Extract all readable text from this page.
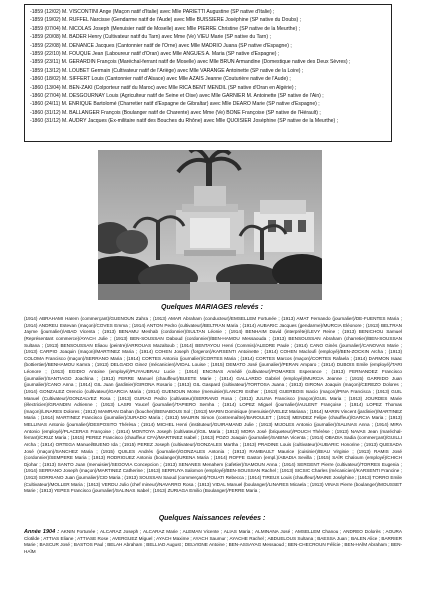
-1859 (12/02) M. VISCONTINI Ange (Maçon natif d'Italie) avec Mlle PARIETTI Augustine (SP native d'Italie) ;
-1859 (19/02) M. RUFFEL Narcisse (Gendarme natif de l'Aude) avec Mlle BUISSIERE Joséphine (SP native du Doubs) ;
-1859 (07/04) M. NICOLAS Joseph (Menuisier natif de Moselle) avec Mlle PIERRE Christine (SP native de la Meurthe) ;
-1859 (20/08) M. BADER Henry (Cultivateur natif du Tarn) avec Mme (Ve) VIEU Marie (SP native du Tarn) ;
-1859 (22/08) M. DENANCE Jacques (Cantonnier natif de l'Orne) avec Mlle MADRIO Juana (SP native d'Espagne) ;
-1859 (22/10) M. FOUQUE Jean (Laboureur natif d'Oran) avec Mlle ANGUES A. Maria (SP native d'Espagne) ;
-1859 (23/11) M. GERARDIN François (Maréchal-ferrant natif de Moselle) avec Mlle BRUN Armandine (Domestique native des Deux Sèvres) ;
-1859 (13/12) M. LOUBET Germain (Cultivateur natif de l'Ariège) avec Mlle VARANGE Antoinette (SP native de la Loire) ;
-1860 (18/02) M. SIFFERT Louis (Cantonnier natif d'Alsace) avec Mlle AZAIS Jeanne (Couturière native de l'Aude) ;
-1860 (13/04) M. BEN-ZAKI (Colporteur natif du Maroc) avec Mlle RICA BENT MENDIL (SP native d'Oran en Algérie) ;
-1860 (27/04) M. DESGOURNAY Louis (Agriculteur natif de Seine et Oise) avec Mlle GARNIER M. Antoinette (SP native de l'Ain) ;
-1860 (24/11) M. ENRIQUE Bartolomé (Charretier natif d'Espagne de Gibraltar) avec Mlle DEARO Marie (SP native d'Espagne) ;
-1860 (31/12) M. BALLANGER François (Boulanger natif de Charente) avec Mme (Ve) BONE Françoise (SP native de l'Hérault) ;
-1860 (31/12) M. AUDRY Jacques (Ex-militaire natif des Bouches du Rhône) avec Mlle QUOISIER Joséphine (SP native de la Meurthe) ;
Quelques MARIAGES relevés :
(1914) ABRAHAMI Haïem (commerçant)/GUENOUN Zahra ; (1913) AMAR Abraham (conducteur)/EMSELLEM Fortunée ; (1913) AMAT Fernando (journalier)/DE-FUENTES Maria ; (1914) ANDREU Estevan (maçon)/COVES Emma ; (1914) ANTON Pedro (cultivateur)/BELTRAN Maria ; (1914) AUBARIC Jacques (gendarme)/MURCIA Eléonore ; (1913) BELTRAN Jayme (journalier)/ABAD Vicenta ; (1913) BENAMU Meshab (cordonnier)/SULTAN Léonie ; (1914) BENHAIM David (interprète)/LEVY Reine ; (1913) BENICHOU Samuel (Représentant commerce)/AYACH Julie ; (1913) BEN-SOUSSAN Daboud (cordonnier)/BEN-HAMOU Messaouda ; (1913) BENSOUSSAN Abraham (charretier)/BEN-SOUSSAN Sultana ; (1913) BENSOUSSAN Eliaou (peintre)/ARROUAS Mazaltoub ; (1914) BENTAYOU Henri (Commis)/ALEDRE Paule ; (1914) CANO Ginès (journalier)/CANOVAS Marie ; (1913) CARPIO Joaquin (maçon)/MARTINEZ Maria ; (1914) COHEN Joseph (forgeron)/KARSENTI Antoinette ; (1914) COHEN Macloufi (employé)/BEN-ZOCKIN Aïcha ; (1913) COLOMA Francisco (maçon)/SERRANO Maria ; (1914) CORTES Antonio (journalier)/CORTES Maria ; (1914) CORTES Marcos (maçon)/CORTES Rafaela ; (1914) DARMON Isaac (bottiertier)/BENHAMOU Kamra ; (1913) DELGADO Ginez (mécanicien)/VIDAL Louise ; (1915) DEMATO José (journalier)/PERAN Amparo ; (1914) DUBOIS Emile (employé)/TARI Léonore ; (1913) EGIDIO Antoine (employé)/PUYAUBRAU Lucie ; (1914) ENCINAS Amédé (cultivateur)/POMARES Esperance ; (1913) FERNANDEZ Francisco (journalier)/SANTIAGO Joachina ; (1913) FERRE Manuel (chauffeur)/BUIETE Marie ; (1914) GALLARDO Gabriel (employé)/MURCIA Jeanne ; (1915) GARRIDO Juan (journalier)/CANO Anna ; (1914) GIL Juan (jardinier)/GIRONA Rosario ; (1913) GIL Gaspard (cultivateur)/TORTOSA Juana ; (1913) GIRONA Joaquin (maçon)/CEREZO Dolores ; (1914) GONZALEZ Orencio (cultivateur)/GARCIA Maria ; (1914) GUENOUN Moïse (menuisier)/LANCRI Esther ; (1913) GUERBOIS Isacio (maçon)/PINA Francisca ; (1913) GUIL Manuel (Cultivateur)/GONZALVEZ Rosa ; (1913) GURAO Pedro (cultivateur)/SERRANO Rosa ; (1913) JULINA Francisco (maçon)/GUIL Maria ; (1913) JOURDES Marie (électricien)/GRANDIN Adrienne ; (1913) LASRI Youcef (journalier)/TAPIERO Semha ; (1914) LOPEZ Miguel (journalier)/AULENT Françoise ; (1914) LOPEZ Thomas (maçon)/LINARES Dolores ; (1913) MAMRAN Dahan (boucher)/BENABOUS Sol ; (1913) MARIN Dominique (menuisier)/VELEZ Mariana ; (1914) MARIN Vincent (jardinier)/MARTINEZ Maria ; (1914) MARTINEZ Francisco (journalier)/JURADO Maria ; (1913) MAURIN Simon (contremaître)/BAROULET ; (1913) MENDEZ Felipe (chauffeur)/GARCIA Maria ; (1913) MELLINAS Antonio (journalier)/DESPOSITO Thérèsa ; (1914) MICHEL Henri (instituteur)/GUIRAMAND Julie ; (1913) MIJOLES Antonio (journalier)/SALINAS Anna ; (1914) MIRA Antonio (employé)/PLACERAS Françoise ; (1914) MONTOYA Joseph (cultivateur)/GIL Maria ; (1913) MORA José (briqueteur)/POUCH Thérèse ; (1913) NAVAS Jean (maréchal-ferrant)/CRUZ Maria ; (1915) PEREZ Francisco (chauffeur CFA)/MARTINEZ Isabel ; (1913) POZO Joaquin (journalier)/SABINA Vicenta ; (1914) OBADIA Sadia (commerçant)/GUILLI Aïcha ; (1914) ORTEGA Manuel/BUENO Ida ; (1915) PEREZ Joseph (cultivateur)/GONZALES Martha ; (1913) PRADINE Louis (cultivateur)/AUBARIC Honorine ; (1913) QUESADA José (maçon)/SANCHEZ Maria ; (1915) QUILES Andrés (journalier)/GONZALES Antonia ; (1913) RAMBAULT Maurice (cuisinier)/BIAU Virginie ; (1913) RAMIS José (cordonnier)/SEMPERE Maria ; (1913) RODRIGUEZ Antonio (boulanger)/URENA Maria ; (1914) ROFFE Gaston (empl.)/ABADIA Sevilla ; (1915) SAÏR Chaloum (employé)/CHICH Djohar ; (1913) SANTO Juan (menuisier)/SEGOVIA Concepcion ; (1913) SENANES Menahem (cafetier)/SAMOUN Anna ; (1914) SERGENT Pierre (cultivateur)/TORRES Eugenia ; (1914) SERRANO Joseph (maçon)/MARTINEZ Catherine ; (1913) SERRUYA Salomon (employé)/BEN-SOUSSAN Rachel ; (1913) SICSIC Charles (mécanicien)/KARSENTI Francine ; (1913) SORRIANO Juan (journalier)/CID Maria ; (1913) SOUSSAN Saoud (commerçant)/TOUATI Rebecca ; (1914) TIREUX Louis (chauffeur)/MAINE Joséphine ; (1913) TORRO Emile (Cultivateur)/MOLLER Maria ; (1913) VERDU Julio (chef mineur)/NAVARRO Rosa ; (1913) VIDAL Manuel (boulanger)/LINARES Micaela ; (1913) VINAS Pierre (boulanger)/MOUSSET Marie ; (1913) YEPES Francisco (journalier)/SALINAS Isabel ; (1913) ZURIAGA Emilio (Boulanger)/FERRE Maria ;
Quelques Naissances relevées :
Année 1904 : AKNIN Fortunée ; ALCARAZ Joseph ; ALCARAZ Marie ; ALEMAN Vicente ; ALIAS Maria ; ALMINANA José ; AMSELLEM Chanou ; ANDREO Dolorès ; AOURA Clotilde ; ATTIAS Eliane ; ATTIASE Rose ; AVERGUEZ Miguel ; AYACH Maxime ; AYACH Saumur ; AYACHE Rachel ; ABDUELOUS Sultana ; BAESSA Juan ; BALEN Alice ; BARRIER Marie ; BASCUR José ; BASTOS Paul ; BELAH Abraham ; BELLIAD August ; DELVIGNE Antoine ; BEN-ASSAYAG Messaoud ; BEN-CHECROUN Félicie ; BEN-HAÏM Abraham ; BEN-HAÏM
